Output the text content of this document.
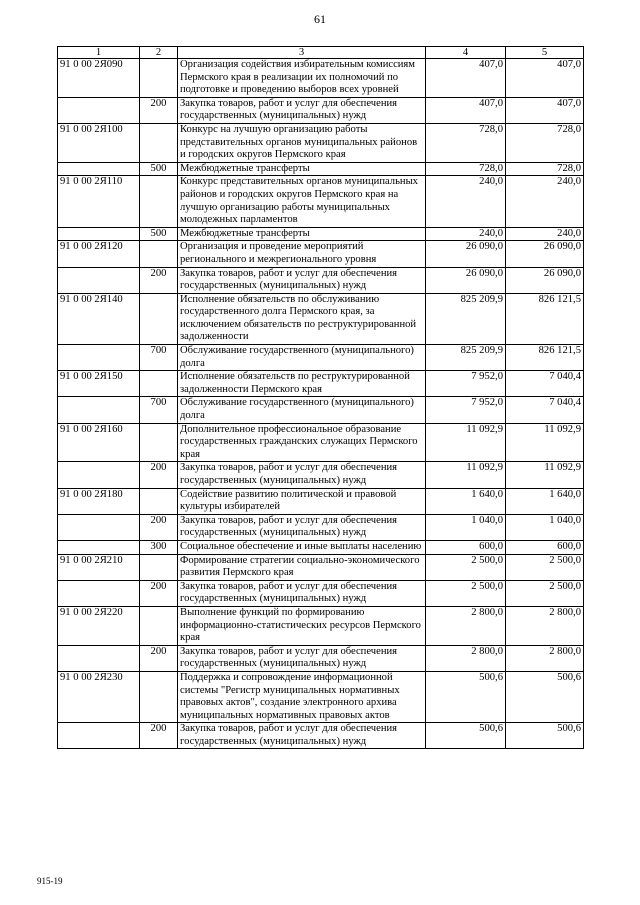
61
1	2	3	4	5
91 0 00 2Я090		Организация содействия избирательным комиссиям Пермского края в реализации их полномочий по подготовке и проведению выборов всех уровней	407,0	407,0
	200	Закупка товаров, работ и услуг для обеспечения государственных (муниципальных) нужд	407,0	407,0
91 0 00 2Я100		Конкурс на лучшую организацию работы представительных органов муниципальных районов и городских округов Пермского края	728,0	728,0
	500	Межбюджетные трансферты	728,0	728,0
91 0 00 2Я110		Конкурс представительных органов муниципальных районов и городских округов Пермского края на лучшую организацию работы муниципальных молодежных парламентов	240,0	240,0
	500	Межбюджетные трансферты	240,0	240,0
91 0 00 2Я120		Организация и проведение мероприятий регионального и межрегионального уровня	26 090,0	26 090,0
	200	Закупка товаров, работ и услуг для обеспечения государственных (муниципальных) нужд	26 090,0	26 090,0
91 0 00 2Я140		Исполнение обязательств по обслуживанию государственного долга Пермского края, за исключением обязательств по реструктурированной задолженности	825 209,9	826 121,5
	700	Обслуживание государственного (муниципального) долга	825 209,9	826 121,5
91 0 00 2Я150		Исполнение обязательств по реструктурированной задолженности Пермского края	7 952,0	7 040,4
	700	Обслуживание государственного (муниципального) долга	7 952,0	7 040,4
91 0 00 2Я160		Дополнительное профессиональное образование государственных гражданских служащих Пермского края	11 092,9	11 092,9
	200	Закупка товаров, работ и услуг для обеспечения государственных (муниципальных) нужд	11 092,9	11 092,9
91 0 00 2Я180		Содействие развитию политической и правовой культуры избирателей	1 640,0	1 640,0
	200	Закупка товаров, работ и услуг для обеспечения государственных (муниципальных) нужд	1 040,0	1 040,0
	300	Социальное обеспечение и иные выплаты населению	600,0	600,0
91 0 00 2Я210		Формирование стратегии социально-экономического развития Пермского края	2 500,0	2 500,0
	200	Закупка товаров, работ и услуг для обеспечения государственных (муниципальных) нужд	2 500,0	2 500,0
91 0 00 2Я220		Выполнение функций по формированию информационно-статистических ресурсов Пермского края	2 800,0	2 800,0
	200	Закупка товаров, работ и услуг для обеспечения государственных (муниципальных) нужд	2 800,0	2 800,0
91 0 00 2Я230		Поддержка и сопровождение информационной системы "Регистр муниципальных нормативных правовых актов", создание электронного архива муниципальных нормативных правовых актов	500,6	500,6
	200	Закупка товаров, работ и услуг для обеспечения государственных (муниципальных) нужд	500,6	500,6
915-19
